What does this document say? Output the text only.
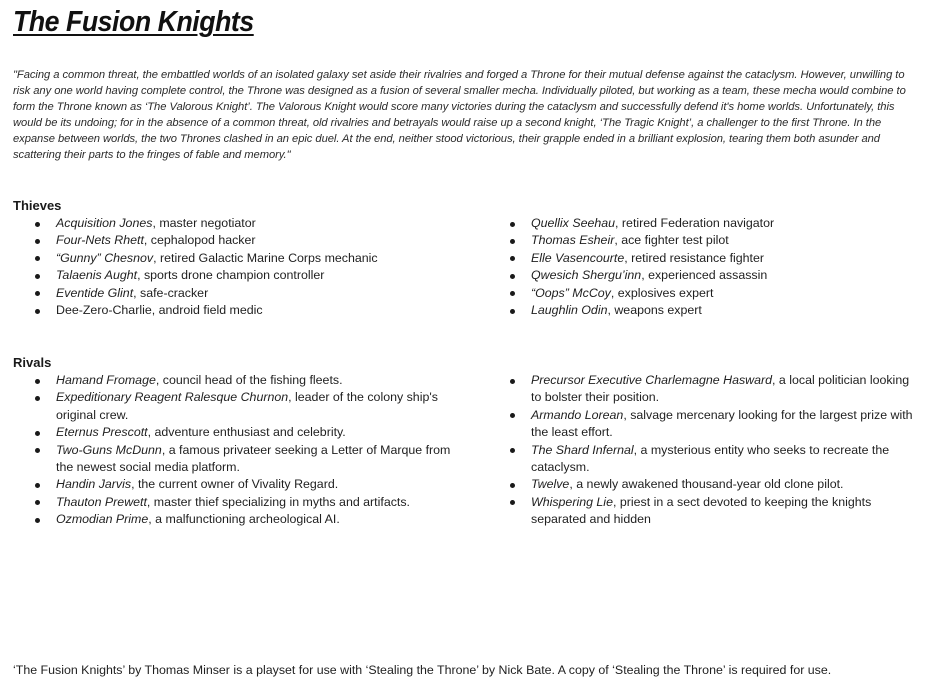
The Fusion Knights

"Facing a common threat, the embattled worlds of an isolated galaxy set aside their rivalries and forged a Throne for their mutual defense against the cataclysm. However, unwilling to risk any one world having complete control, the Throne was designed as a fusion of several smaller mecha. Individually piloted, but working as a team, these mecha would combine to form the Throne known as ‘The Valorous Knight’. The Valorous Knight would score many victories during the cataclysm and successfully defend it's home worlds. Unfortunately, this would be its undoing; for in the absence of a common threat, old rivalries and betrayals would raise up a second knight, ‘The Tragic Knight’, a challenger to the first Throne. In the expanse between worlds, the two Thrones clashed in an epic duel. At the end, neither stood victorious, their grapple ended in a brilliant explosion, tearing them both asunder and scattering their parts to the fringes of fable and memory."

Thieves
Acquisition Jones, master negotiator
Four-Nets Rhett, cephalopod hacker
“Gunny” Chesnov, retired Galactic Marine Corps mechanic
Talaenis Aught, sports drone champion controller
Eventide Glint, safe-cracker
Dee-Zero-Charlie, android field medic
Quellix Seehau, retired Federation navigator
Thomas Esheir, ace fighter test pilot
Elle Vasencourte, retired resistance fighter
Qwesich Shergu’inn, experienced assassin
“Oops” McCoy, explosives expert
Laughlin Odin, weapons expert
Rivals
Hamand Fromage, council head of the fishing fleets.
Expeditionary Reagent Ralesque Churnon, leader of the colony ship's original crew.
Eternus Prescott, adventure enthusiast and celebrity.
Two-Guns McDunn, a famous privateer seeking a Letter of Marque from the newest social media platform.
Handin Jarvis, the current owner of Vivality Regard.
Thauton Prewett, master thief specializing in myths and artifacts.
Ozmodian Prime, a malfunctioning archeological AI.
Precursor Executive Charlemagne Hasward, a local politician looking to bolster their position.
Armando Lorean, salvage mercenary looking for the largest prize with the least effort.
The Shard Infernal, a mysterious entity who seeks to recreate the cataclysm.
Twelve, a newly awakened thousand-year old clone pilot.
Whispering Lie, priest in a sect devoted to keeping the knights separated and hidden

‘The Fusion Knights’ by Thomas Minser is a playset for use with ‘Stealing the Throne’ by Nick Bate. A copy of ‘Stealing the Throne’ is required for use.
